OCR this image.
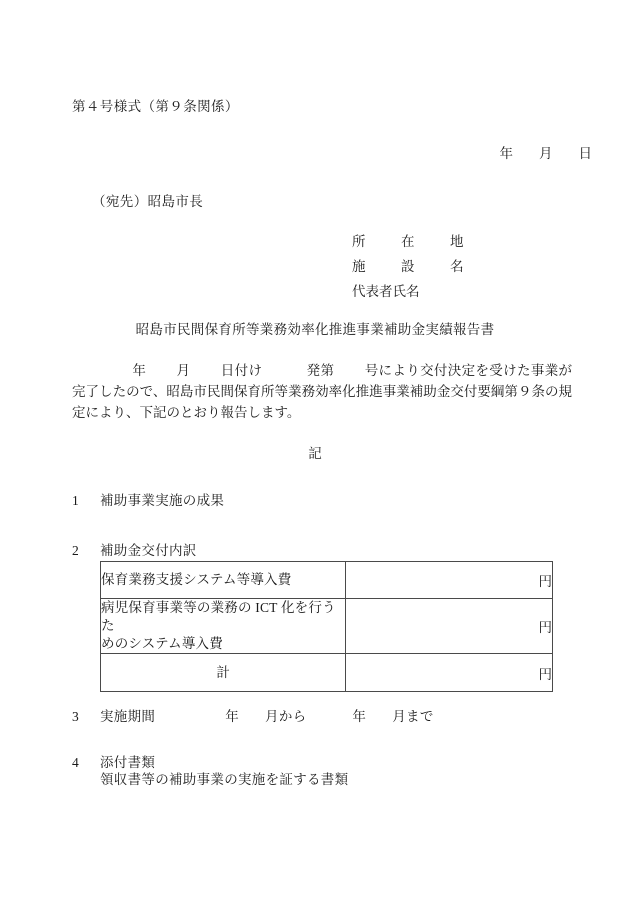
第４号様式（第９条関係）
年 月 日
（宛先）昭島市長
所　在　地
施　設　名
代表者氏名
昭島市民間保育所等業務効率化推進事業補助金実績報告書
年 月 日付け	発第 号により交付決定を受けた事業が完了したので、昭島市民間保育所等業務効率化推進事業補助金交付要綱第９条の規定により、下記のとおり報告します。
記
1 補助事業実施の成果
2 補助金交付内訳
保育業務支援システム等導入費	円
病児保育事業等の業務の ICT 化を行うた
めのシステム導入費	円
計	円
3 実施期間	年 月から	年 月まで
4 添付書類
領収書等の補助事業の実施を証する書類
